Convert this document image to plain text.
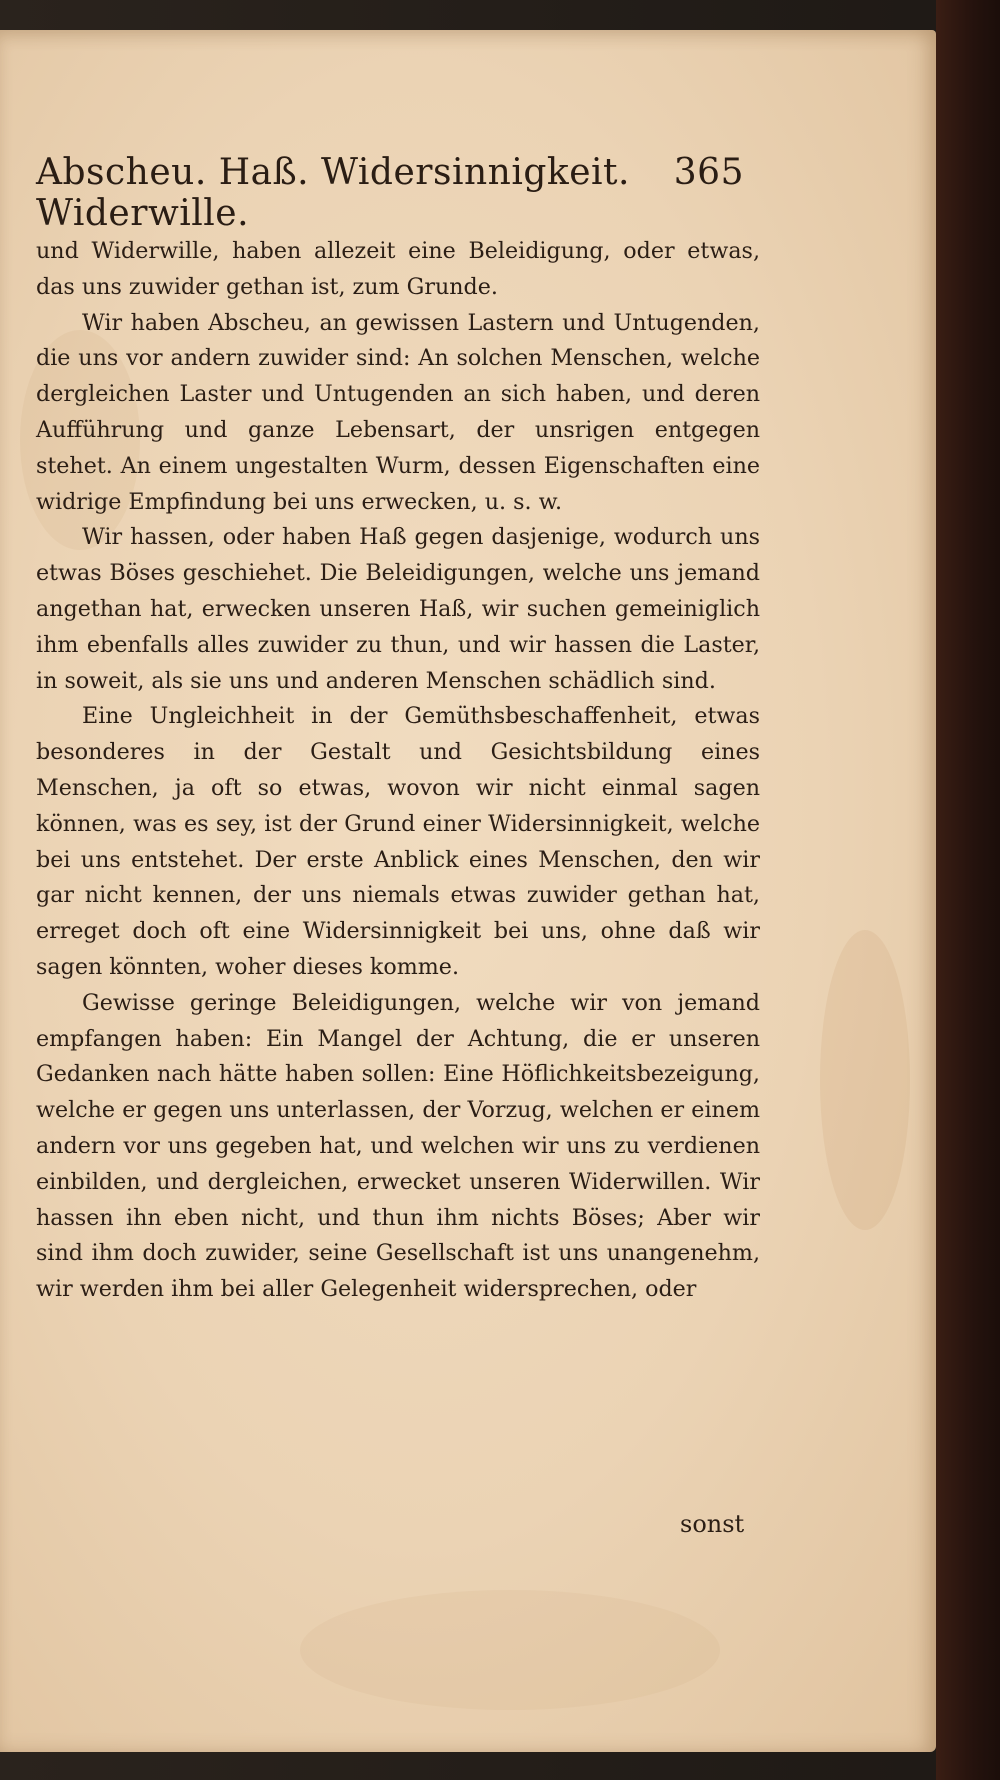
Abscheu. Haß. Widersinnigkeit. Widerwille.
365

und Widerwille, haben allezeit eine Beleidigung, oder etwas, das uns zuwider gethan ist, zum Grunde.

Wir haben Abscheu, an gewissen Lastern und Untugenden, die uns vor andern zuwider sind: An solchen Menschen, welche dergleichen Laster und Untugenden an sich haben, und deren Aufführung und ganze Lebensart, der unsrigen entgegen stehet. An einem ungestalten Wurm, dessen Eigenschaften eine widrige Empfindung bei uns erwecken, u. s. w.

Wir hassen, oder haben Haß gegen dasjenige, wodurch uns etwas Böses geschiehet. Die Beleidigungen, welche uns jemand angethan hat, erwecken unseren Haß, wir suchen gemeiniglich ihm ebenfalls alles zuwider zu thun, und wir hassen die Laster, in soweit, als sie uns und anderen Menschen schädlich sind.

Eine Ungleichheit in der Gemüthsbeschaffenheit, etwas besonderes in der Gestalt und Gesichtsbildung eines Menschen, ja oft so etwas, wovon wir nicht einmal sagen können, was es sey, ist der Grund einer Widersinnigkeit, welche bei uns entstehet. Der erste Anblick eines Menschen, den wir gar nicht kennen, der uns niemals etwas zuwider gethan hat, erreget doch oft eine Widersinnigkeit bei uns, ohne daß wir sagen könnten, woher dieses komme.

Gewisse geringe Beleidigungen, welche wir von jemand empfangen haben: Ein Mangel der Achtung, die er unseren Gedanken nach hätte haben sollen: Eine Höflichkeitsbezeigung, welche er gegen uns unterlassen, der Vorzug, welchen er einem andern vor uns gegeben hat, und welchen wir uns zu verdienen einbilden, und dergleichen, erwecket unseren Widerwillen. Wir hassen ihn eben nicht, und thun ihm nichts Böses; Aber wir sind ihm doch zuwider, seine Gesellschaft ist uns unangenehm, wir werden ihm bei aller Gelegenheit widersprechen, oder

sonst
